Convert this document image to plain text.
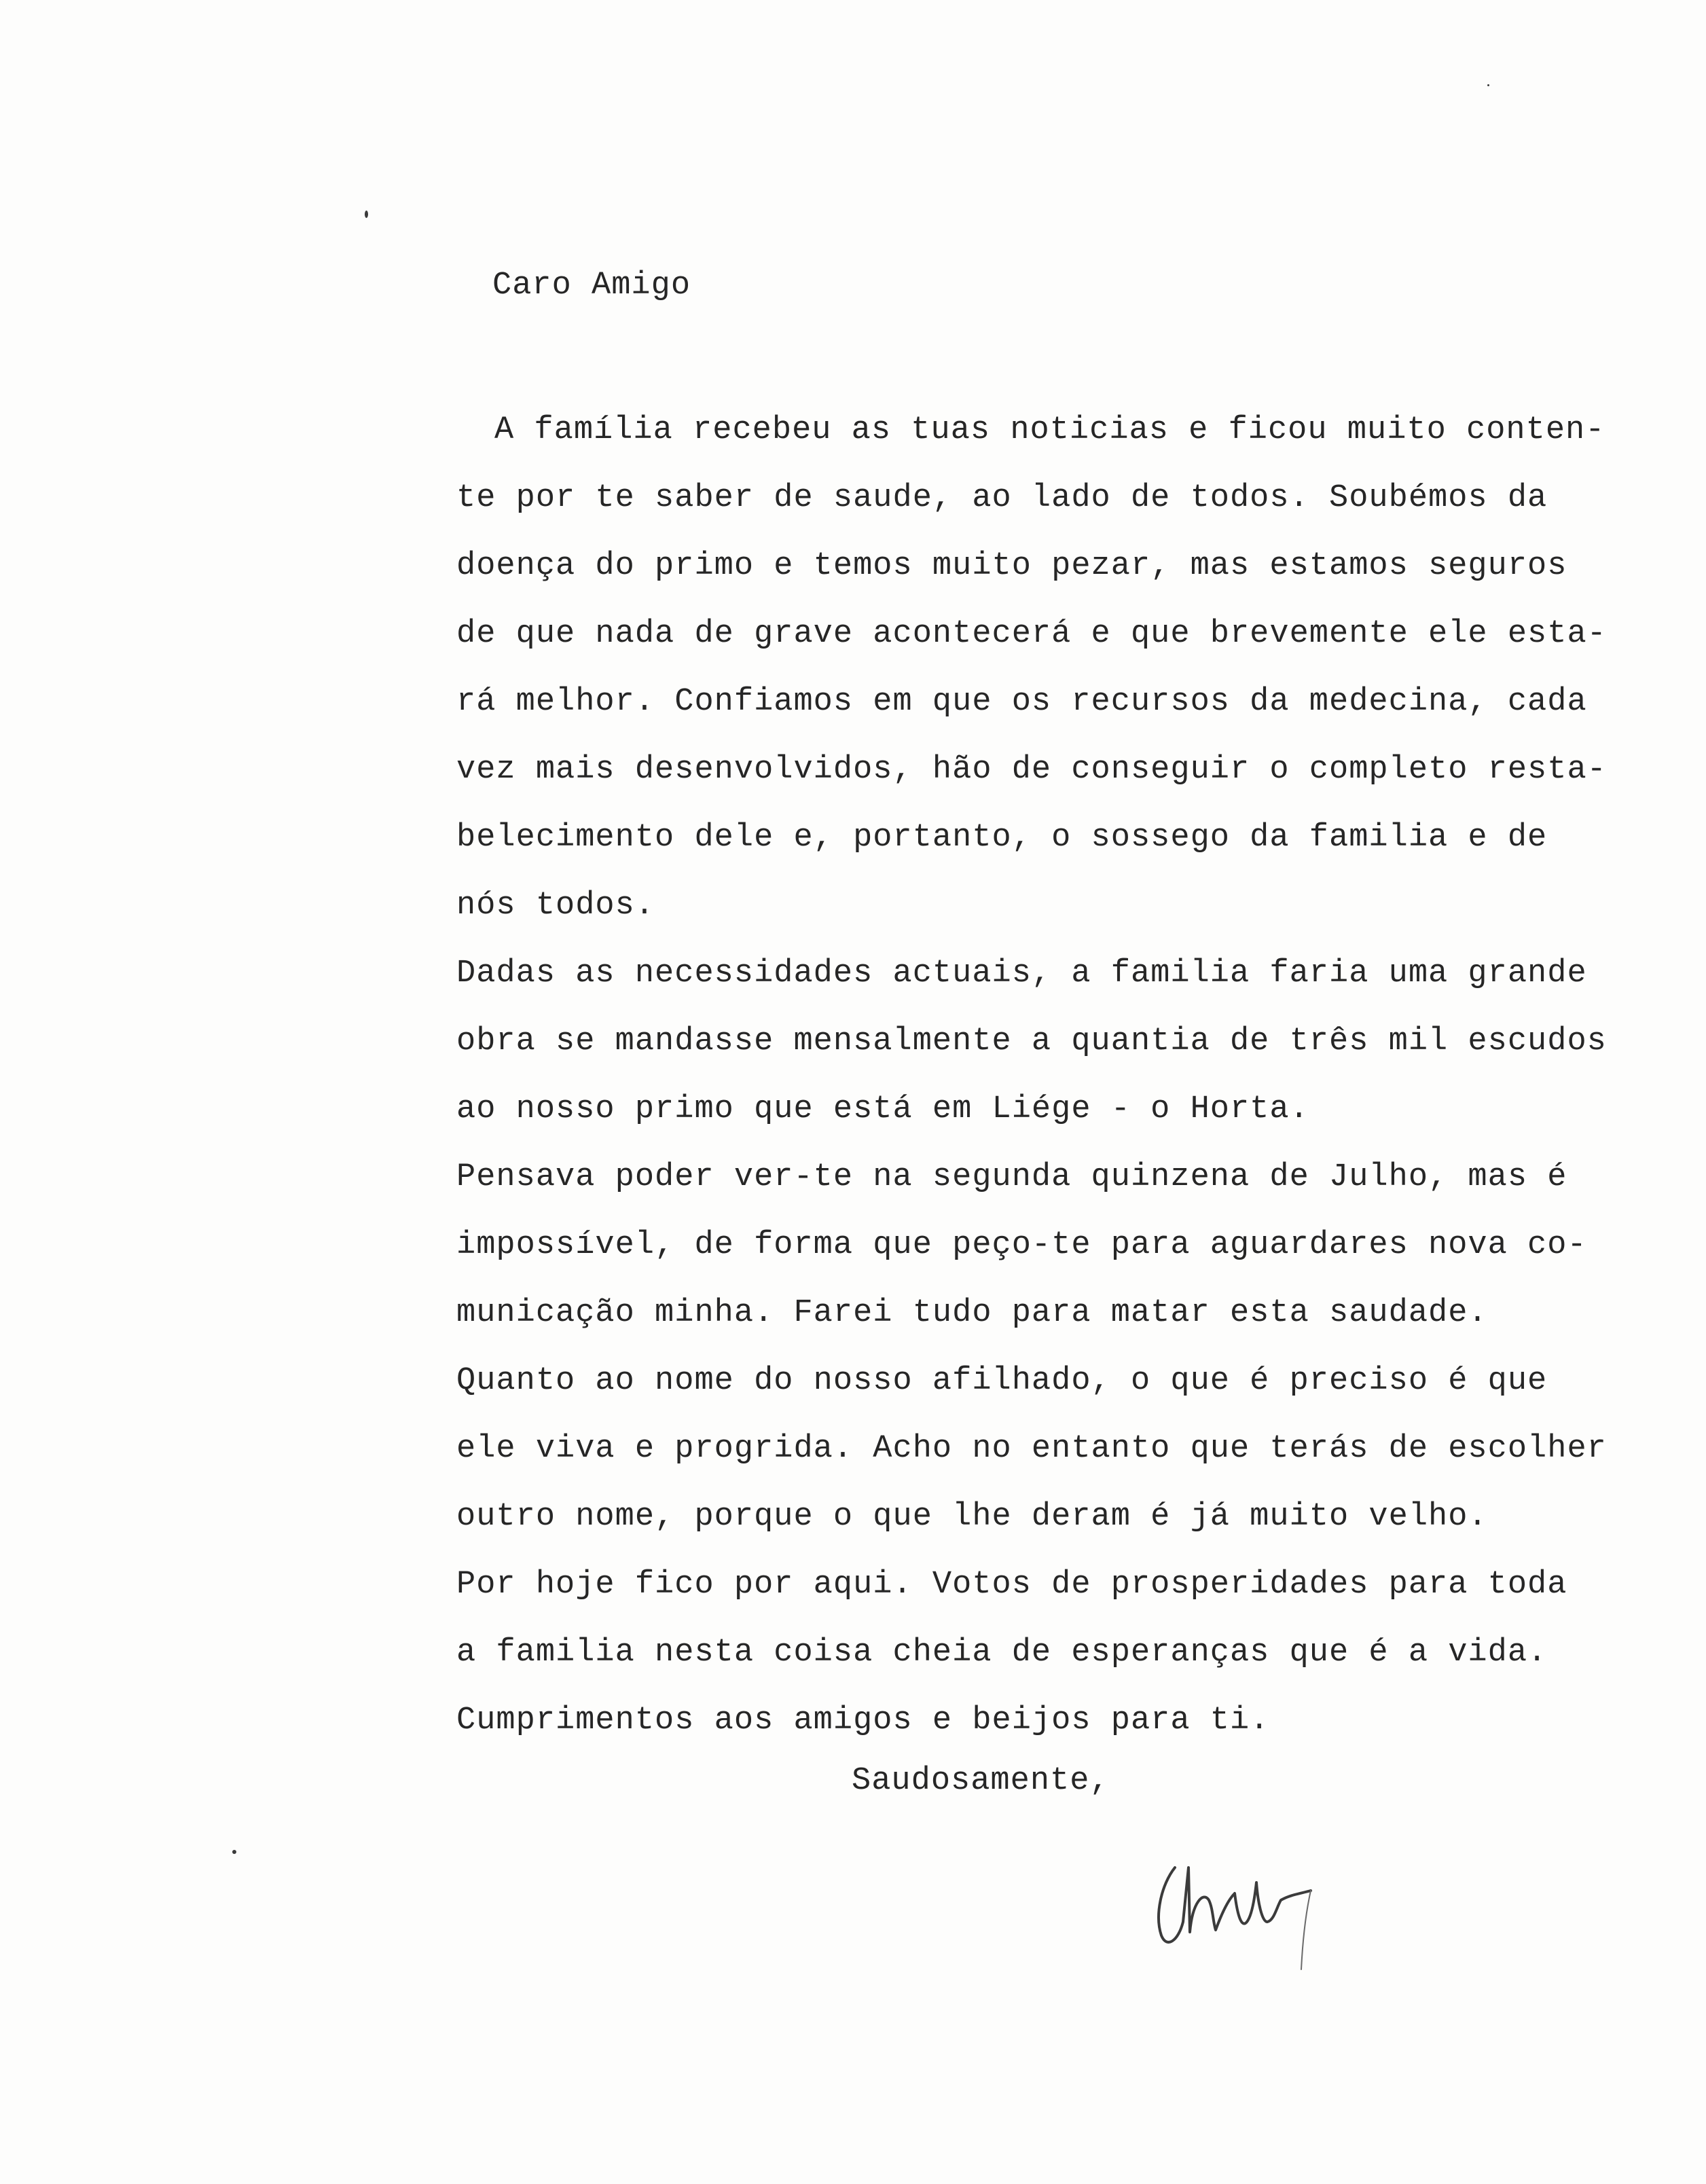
Caro Amigo
A família recebeu as tuas noticias e ficou muito conten-
te por te saber de saude, ao lado de todos. Soubémos da
doença do primo e temos muito pezar, mas estamos seguros
de que nada de grave acontecerá e que brevemente ele esta-
rá melhor. Confiamos em que os recursos da medecina, cada
vez mais desenvolvidos, hão de conseguir o completo resta-
belecimento dele e, portanto, o sossego da familia e de
nós todos.
Dadas as necessidades actuais, a familia faria uma grande
obra se mandasse mensalmente a quantia de três mil escudos
ao nosso primo que está em Liége - o Horta.
Pensava poder ver-te na segunda quinzena de Julho, mas é
impossível, de forma que peço-te para aguardares nova co-
municação minha. Farei tudo para matar esta saudade.
Quanto ao nome do nosso afilhado, o que é preciso é que
ele viva e progrida. Acho no entanto que terás de escolher
outro nome, porque o que lhe deram é já muito velho.
Por hoje fico por aqui. Votos de prosperidades para toda
a familia nesta coisa cheia de esperanças que é a vida.
Cumprimentos aos amigos e beijos para ti.
Saudosamente,
